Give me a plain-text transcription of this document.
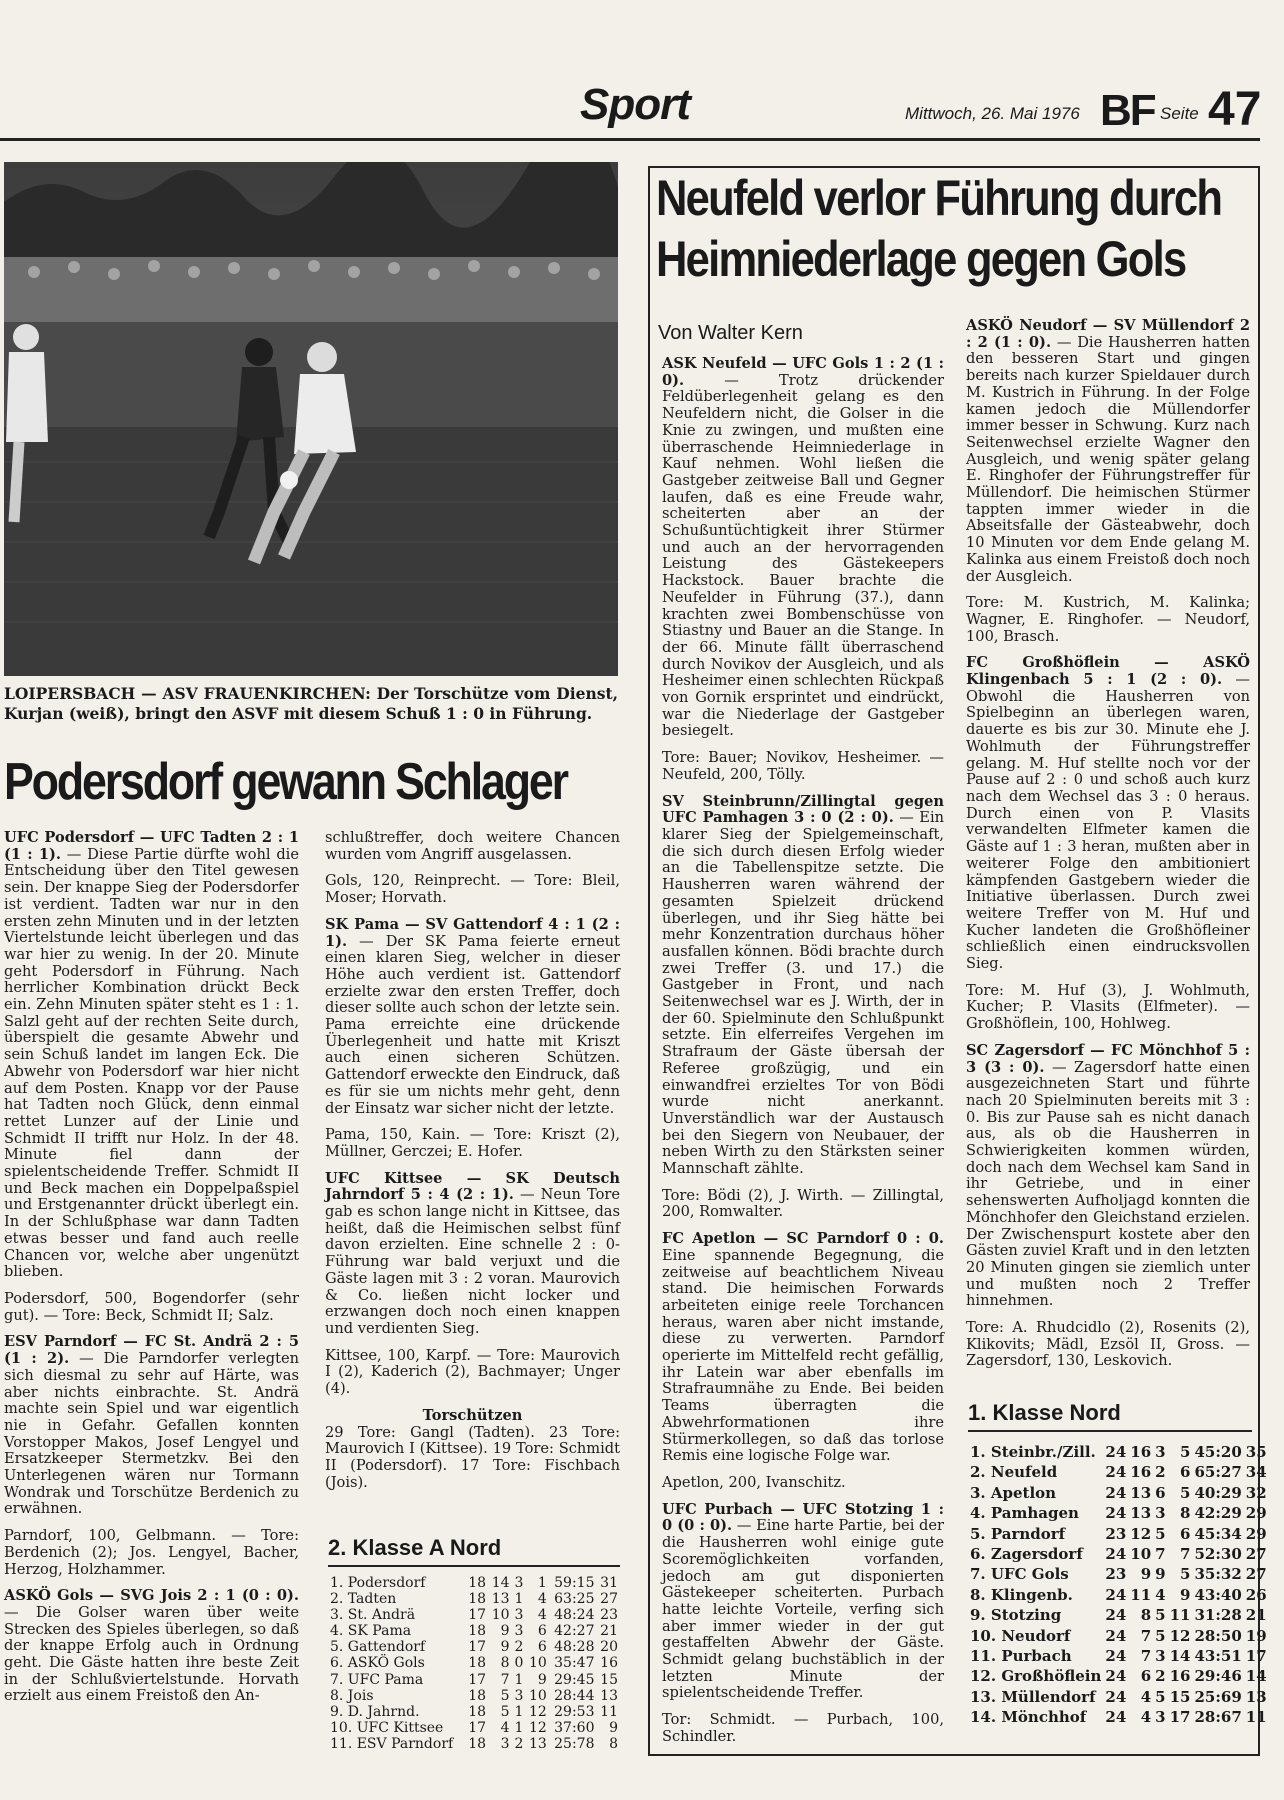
Sport	Mittwoch, 26. Mai 1976 BF Seite 47
LOIPERSBACH — ASV FRAUENKIRCHEN: Der Torschütze vom Dienst, Kurjan (weiß), bringt den ASVF mit diesem Schuß 1 : 0 in Führung.
Podersdorf gewann Schlager

UFC Podersdorf — UFC Tadten 2 : 1 (1 : 1). — Diese Partie dürfte wohl die Entscheidung über den Titel gewesen sein. Der knappe Sieg der Podersdorfer ist verdient. Tadten war nur in den ersten zehn Minuten und in der letzten Viertelstunde leicht überlegen und das war hier zu wenig. In der 20. Minute geht Podersdorf in Führung. Nach herrlicher Kombination drückt Beck ein. Zehn Minuten später steht es 1 : 1. Salzl geht auf der rechten Seite durch, überspielt die gesamte Abwehr und sein Schuß landet im langen Eck. Die Abwehr von Podersdorf war hier nicht auf dem Posten. Knapp vor der Pause hat Tadten noch Glück, denn einmal rettet Lunzer auf der Linie und Schmidt II trifft nur Holz. In der 48. Minute fiel dann der spielentscheidende Treffer. Schmidt II und Beck machen ein Doppelpaßspiel und Erstgenannter drückt überlegt ein. In der Schlußphase war dann Tadten etwas besser und fand auch reelle Chancen vor, welche aber ungenützt blieben.

Podersdorf, 500, Bogendorfer (sehr gut). — Tore: Beck, Schmidt II; Salz.

ESV Parndorf — FC St. Andrä 2 : 5 (1 : 2). — Die Parndorfer verlegten sich diesmal zu sehr auf Härte, was aber nichts einbrachte. St. Andrä machte sein Spiel und war eigentlich nie in Gefahr. Gefallen konnten Vorstopper Makos, Josef Lengyel und Ersatzkeeper Stermetzkv. Bei den Unterlegenen wären nur Tormann Wondrak und Torschütze Berdenich zu erwähnen.

Parndorf, 100, Gelbmann. — Tore: Berdenich (2); Jos. Lengyel, Bacher, Herzog, Holzhammer.

ASKÖ Gols — SVG Jois 2 : 1 (0 : 0). — Die Golser waren über weite Strecken des Spieles überlegen, so daß der knappe Erfolg auch in Ordnung geht. Die Gäste hatten ihre beste Zeit in der Schlußviertelstunde. Horvath erzielt aus einem Freistoß den An-

schlußtreffer, doch weitere Chancen wurden vom Angriff ausgelassen.

Gols, 120, Reinprecht. — Tore: Bleil, Moser; Horvath.

SK Pama — SV Gattendorf 4 : 1 (2 : 1). — Der SK Pama feierte erneut einen klaren Sieg, welcher in dieser Höhe auch verdient ist. Gattendorf erzielte zwar den ersten Treffer, doch dieser sollte auch schon der letzte sein. Pama erreichte eine drückende Überlegenheit und hatte mit Kriszt auch einen sicheren Schützen. Gattendorf erweckte den Eindruck, daß es für sie um nichts mehr geht, denn der Einsatz war sicher nicht der letzte.

Pama, 150, Kain. — Tore: Kriszt (2), Müllner, Gerczei; E. Hofer.

UFC Kittsee — SK Deutsch Jahrndorf 5 : 4 (2 : 1). — Neun Tore gab es schon lange nicht in Kittsee, das heißt, daß die Heimischen selbst fünf davon erzielten. Eine schnelle 2 : 0-Führung war bald verjuxt und die Gäste lagen mit 3 : 2 voran. Maurovich & Co. ließen nicht locker und erzwangen doch noch einen knappen und verdienten Sieg.

Kittsee, 100, Karpf. — Tore: Maurovich I (2), Kaderich (2), Bachmayer; Unger (4).

Torschützen

29 Tore: Gangl (Tadten). 23 Tore: Maurovich I (Kittsee). 19 Tore: Schmidt II (Podersdorf). 17 Tore: Fischbach (Jois).

2. Klasse A Nord
1. Podersdorf	18	14	3	1	59:15	31
2. Tadten	18	13	1	4	63:25	27
3. St. Andrä	17	10	3	4	48:24	23
4. SK Pama	18	9	3	6	42:27	21
5. Gattendorf	17	9	2	6	48:28	20
6. ASKÖ Gols	18	8	0	10	35:47	16
7. UFC Pama	17	7	1	9	29:45	15
8. Jois	18	5	3	10	28:44	13
9. D. Jahrnd.	18	5	1	12	29:53	11
10. UFC Kittsee	17	4	1	12	37:60	9
11. ESV Parndorf	18	3	2	13	25:78	8
Neufeld verlor Führung durch
Heimniederlage gegen Gols
Von Walter Kern

ASK Neufeld — UFC Gols 1 : 2 (1 : 0). — Trotz drückender Feldüberlegenheit gelang es den Neufeldern nicht, die Golser in die Knie zu zwingen, und mußten eine überraschende Heimniederlage in Kauf nehmen. Wohl ließen die Gastgeber zeitweise Ball und Gegner laufen, daß es eine Freude wahr, scheiterten aber an der Schußuntüchtigkeit ihrer Stürmer und auch an der hervorragenden Leistung des Gästekeepers Hackstock. Bauer brachte die Neufelder in Führung (37.), dann krachten zwei Bombenschüsse von Stiastny und Bauer an die Stange. In der 66. Minute fällt überraschend durch Novikov der Ausgleich, und als Hesheimer einen schlechten Rückpaß von Gornik ersprintet und eindrückt, war die Niederlage der Gastgeber besiegelt.

Tore: Bauer; Novikov, Hesheimer. — Neufeld, 200, Tölly.

SV Steinbrunn/Zillingtal gegen UFC Pamhagen 3 : 0 (2 : 0). — Ein klarer Sieg der Spielgemeinschaft, die sich durch diesen Erfolg wieder an die Tabellenspitze setzte. Die Hausherren waren während der gesamten Spielzeit drückend überlegen, und ihr Sieg hätte bei mehr Konzentration durchaus höher ausfallen können. Bödi brachte durch zwei Treffer (3. und 17.) die Gastgeber in Front, und nach Seitenwechsel war es J. Wirth, der in der 60. Spielminute den Schlußpunkt setzte. Ein elferreifes Vergehen im Strafraum der Gäste übersah der Referee großzügig, und ein einwandfrei erzieltes Tor von Bödi wurde nicht anerkannt. Unverständlich war der Austausch bei den Siegern von Neubauer, der neben Wirth zu den Stärksten seiner Mannschaft zählte.

Tore: Bödi (2), J. Wirth. — Zillingtal, 200, Romwalter.

FC Apetlon — SC Parndorf 0 : 0. Eine spannende Begegnung, die zeitweise auf beachtlichem Niveau stand. Die heimischen Forwards arbeiteten einige reele Torchancen heraus, waren aber nicht imstande, diese zu verwerten. Parndorf operierte im Mittelfeld recht gefällig, ihr Latein war aber ebenfalls im Strafraumnähe zu Ende. Bei beiden Teams überragten die Abwehrformationen ihre Stürmerkollegen, so daß das torlose Remis eine logische Folge war.

Apetlon, 200, Ivanschitz.

UFC Purbach — UFC Stotzing 1 : 0 (0 : 0). — Eine harte Partie, bei der die Hausherren wohl einige gute Scoremöglichkeiten vorfanden, jedoch am gut disponierten Gästekeeper scheiterten. Purbach hatte leichte Vorteile, verfing sich aber immer wieder in der gut gestaffelten Abwehr der Gäste. Schmidt gelang buchstäblich in der letzten Minute der spielentscheidende Treffer.

Tor: Schmidt. — Purbach, 100, Schindler.

ASKÖ Neudorf — SV Müllendorf 2 : 2 (1 : 0). — Die Hausherren hatten den besseren Start und gingen bereits nach kurzer Spieldauer durch M. Kustrich in Führung. In der Folge kamen jedoch die Müllendorfer immer besser in Schwung. Kurz nach Seitenwechsel erzielte Wagner den Ausgleich, und wenig später gelang E. Ringhofer der Führungstreffer für Müllendorf. Die heimischen Stürmer tappten immer wieder in die Abseitsfalle der Gästeabwehr, doch 10 Minuten vor dem Ende gelang M. Kalinka aus einem Freistoß doch noch der Ausgleich.

Tore: M. Kustrich, M. Kalinka; Wagner, E. Ringhofer. — Neudorf, 100, Brasch.

FC Großhöflein — ASKÖ Klingenbach 5 : 1 (2 : 0). — Obwohl die Hausherren von Spielbeginn an überlegen waren, dauerte es bis zur 30. Minute ehe J. Wohlmuth der Führungstreffer gelang. M. Huf stellte noch vor der Pause auf 2 : 0 und schoß auch kurz nach dem Wechsel das 3 : 0 heraus. Durch einen von P. Vlasits verwandelten Elfmeter kamen die Gäste auf 1 : 3 heran, mußten aber in weiterer Folge den ambitioniert kämpfenden Gastgebern wieder die Initiative überlassen. Durch zwei weitere Treffer von M. Huf und Kucher landeten die Großhöfleiner schließlich einen eindrucksvollen Sieg.

Tore: M. Huf (3), J. Wohlmuth, Kucher; P. Vlasits (Elfmeter). — Großhöflein, 100, Hohlweg.

SC Zagersdorf — FC Mönchhof 5 : 3 (3 : 0). — Zagersdorf hatte einen ausgezeichneten Start und führte nach 20 Spielminuten bereits mit 3 : 0. Bis zur Pause sah es nicht danach aus, als ob die Hausherren in Schwierigkeiten kommen würden, doch nach dem Wechsel kam Sand in ihr Getriebe, und in einer sehenswerten Aufholjagd konnten die Mönchhofer den Gleichstand erzielen. Der Zwischenspurt kostete aber den Gästen zuviel Kraft und in den letzten 20 Minuten gingen sie ziemlich unter und mußten noch 2 Treffer hinnehmen.

Tore: A. Rhudcidlo (2), Rosenits (2), Klikovits; Mädl, Ezsöl II, Gross. — Zagersdorf, 130, Leskovich.

1. Klasse Nord
1. Steinbr./Zill.	24	16	3	5	45:20	35
2. Neufeld	24	16	2	6	65:27	34
3. Apetlon	24	13	6	5	40:29	32
4. Pamhagen	24	13	3	8	42:29	29
5. Parndorf	23	12	5	6	45:34	29
6. Zagersdorf	24	10	7	7	52:30	27
7. UFC Gols	23	9	9	5	35:32	27
8. Klingenb.	24	11	4	9	43:40	26
9. Stotzing	24	8	5	11	31:28	21
10. Neudorf	24	7	5	12	28:50	19
11. Purbach	24	7	3	14	43:51	17
12. Großhöflein	24	6	2	16	29:46	14
13. Müllendorf	24	4	5	15	25:69	13
14. Mönchhof	24	4	3	17	28:67	11
